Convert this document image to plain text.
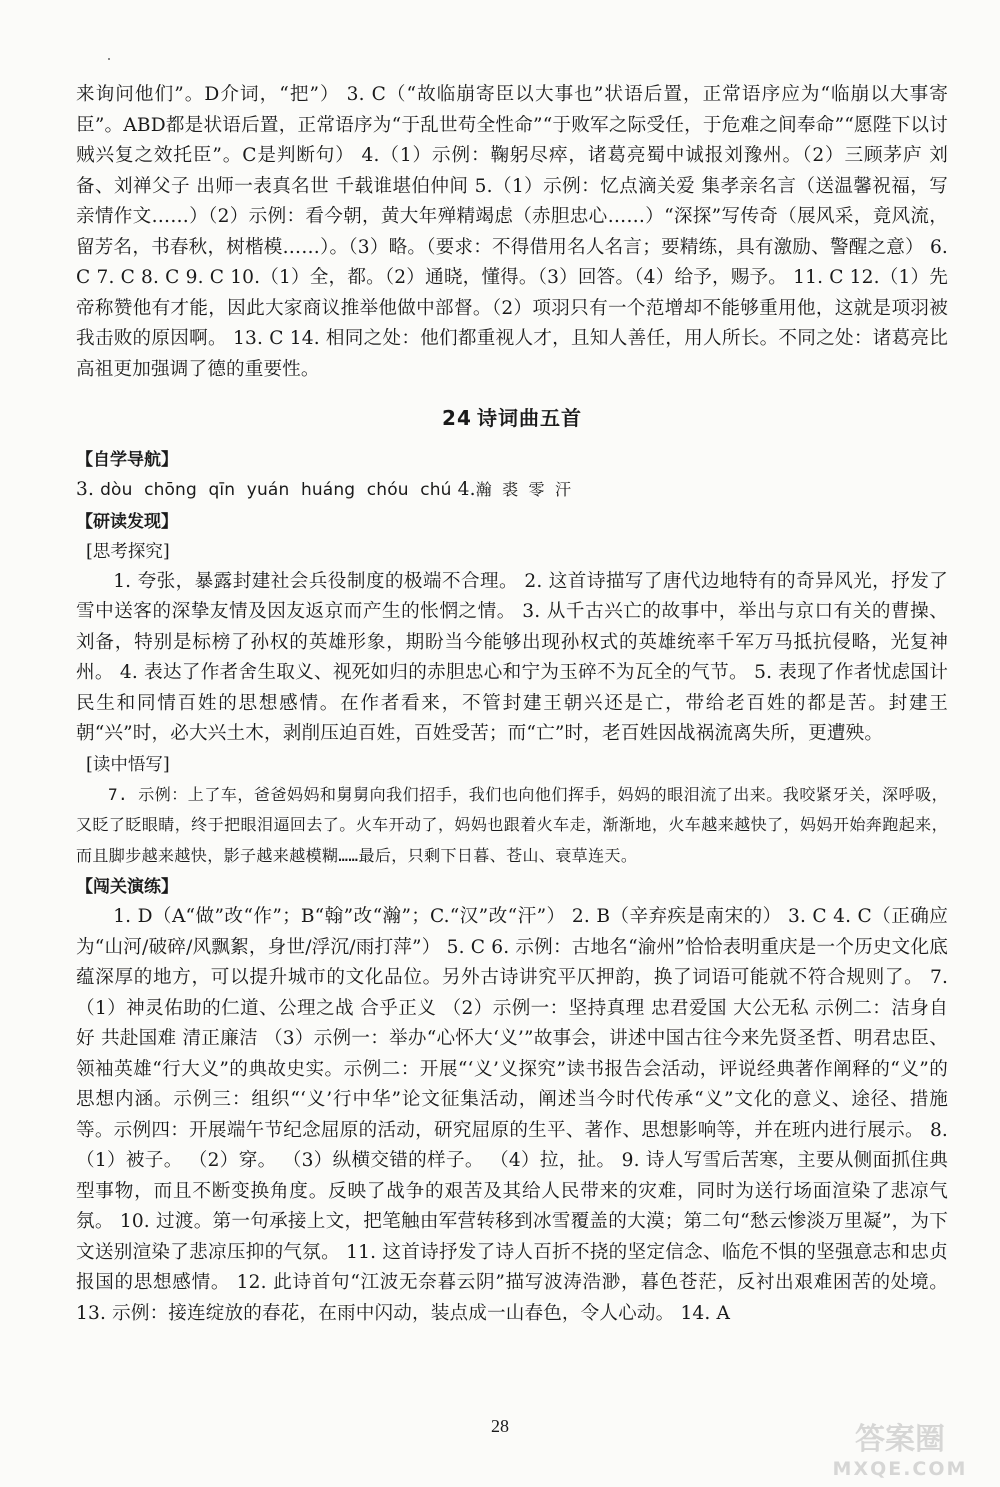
来询问他们”。D介词，“把”） 3. C（“故临崩寄臣以大事也”状语后置，正常语序应为“临崩以大事寄臣”。ABD都是状语后置，正常语序为“于乱世苟全性命”“于败军之际受任，于危难之间奉命”“愿陛下以讨贼兴复之效托臣”。C是判断句） 4.（1）示例：鞠躬尽瘁，诸葛亮蜀中诚报刘豫州。（2）三顾茅庐 刘备、刘禅父子 出师一表真名世 千载谁堪伯仲间 5.（1）示例：忆点滴关爱 集孝亲名言（送温馨祝福，写亲情作文……）（2）示例：看今朝，黄大年殚精竭虑（赤胆忠心……）“深探”写传奇（展风采，竟风流，留芳名，书春秋，树楷模……）。（3）略。（要求：不得借用名人名言；要精练，具有激励、警醒之意） 6. C 7. C 8. C 9. C 10.（1）全，都。（2）通晓，懂得。（3）回答。（4）给予，赐予。 11. C 12.（1）先帝称赞他有才能，因此大家商议推举他做中部督。（2）项羽只有一个范增却不能够重用他，这就是项羽被我击败的原因啊。 13. C 14. 相同之处：他们都重视人才，且知人善任，用人所长。不同之处：诸葛亮比高祖更加强调了德的重要性。

24 诗词曲五首
【自学导航】

3. dòu chōng qīn yuán huáng chóu chú 4.瀚 裘 零 汗

【研读发现】
[思考探究]

1. 夸张，暴露封建社会兵役制度的极端不合理。 2. 这首诗描写了唐代边地特有的奇异风光，抒发了雪中送客的深挚友情及因友返京而产生的怅惘之情。 3. 从千古兴亡的故事中，举出与京口有关的曹操、刘备，特别是标榜了孙权的英雄形象，期盼当今能够出现孙权式的英雄统率千军万马抵抗侵略，光复神州。 4. 表达了作者舍生取义、视死如归的赤胆忠心和宁为玉碎不为瓦全的气节。 5. 表现了作者忧虑国计民生和同情百姓的思想感情。在作者看来，不管封建王朝兴还是亡，带给老百姓的都是苦。封建王朝“兴”时，必大兴土木，剥削压迫百姓，百姓受苦；而“亡”时，老百姓因战祸流离失所，更遭殃。

[读中悟写]

7. 示例：上了车，爸爸妈妈和舅舅向我们招手，我们也向他们挥手，妈妈的眼泪流了出来。我咬紧牙关，深呼吸，又眨了眨眼睛，终于把眼泪逼回去了。火车开动了，妈妈也跟着火车走，渐渐地，火车越来越快了，妈妈开始奔跑起来，而且脚步越来越快，影子越来越模糊……最后，只剩下日暮、苍山、衰草连天。

【闯关演练】

1. D（A“做”改“作”；B“翰”改“瀚”；C.“汉”改“汗”） 2. B（辛弃疾是南宋的） 3. C 4. C（正确应为“山河/破碎/风飘絮，身世/浮沉/雨打萍”） 5. C 6. 示例：古地名“渝州”恰恰表明重庆是一个历史文化底蕴深厚的地方，可以提升城市的文化品位。另外古诗讲究平仄押韵，换了词语可能就不符合规则了。 7.（1）神灵佑助的仁道、公理之战 合乎正义 （2）示例一：坚持真理 忠君爱国 大公无私 示例二：洁身自好 共赴国难 清正廉洁 （3）示例一：举办“心怀大‘义’”故事会，讲述中国古往今来先贤圣哲、明君忠臣、领袖英雄“行大义”的典故史实。示例二：开展“‘义’义探究”读书报告会活动，评说经典著作阐释的“义”的思想内涵。示例三：组织“‘义’行中华”论文征集活动，阐述当今时代传承“义”文化的意义、途径、措施等。示例四：开展端午节纪念屈原的活动，研究屈原的生平、著作、思想影响等，并在班内进行展示。 8.（1）被子。 （2）穿。 （3）纵横交错的样子。 （4）拉，扯。 9. 诗人写雪后苦寒，主要从侧面抓住典型事物，而且不断变换角度。反映了战争的艰苦及其给人民带来的灾难，同时为送行场面渲染了悲凉气氛。 10. 过渡。第一句承接上文，把笔触由军营转移到冰雪覆盖的大漠；第二句“愁云惨淡万里凝”，为下文送别渲染了悲凉压抑的气氛。 11. 这首诗抒发了诗人百折不挠的坚定信念、临危不惧的坚强意志和忠贞报国的思想感情。 12. 此诗首句“江波无奈暮云阴”描写波涛浩渺，暮色苍茫，反衬出艰难困苦的处境。 13. 示例：接连绽放的春花，在雨中闪动，装点成一山春色，令人心动。 14. A

28	答案圈
MXQE.COM
